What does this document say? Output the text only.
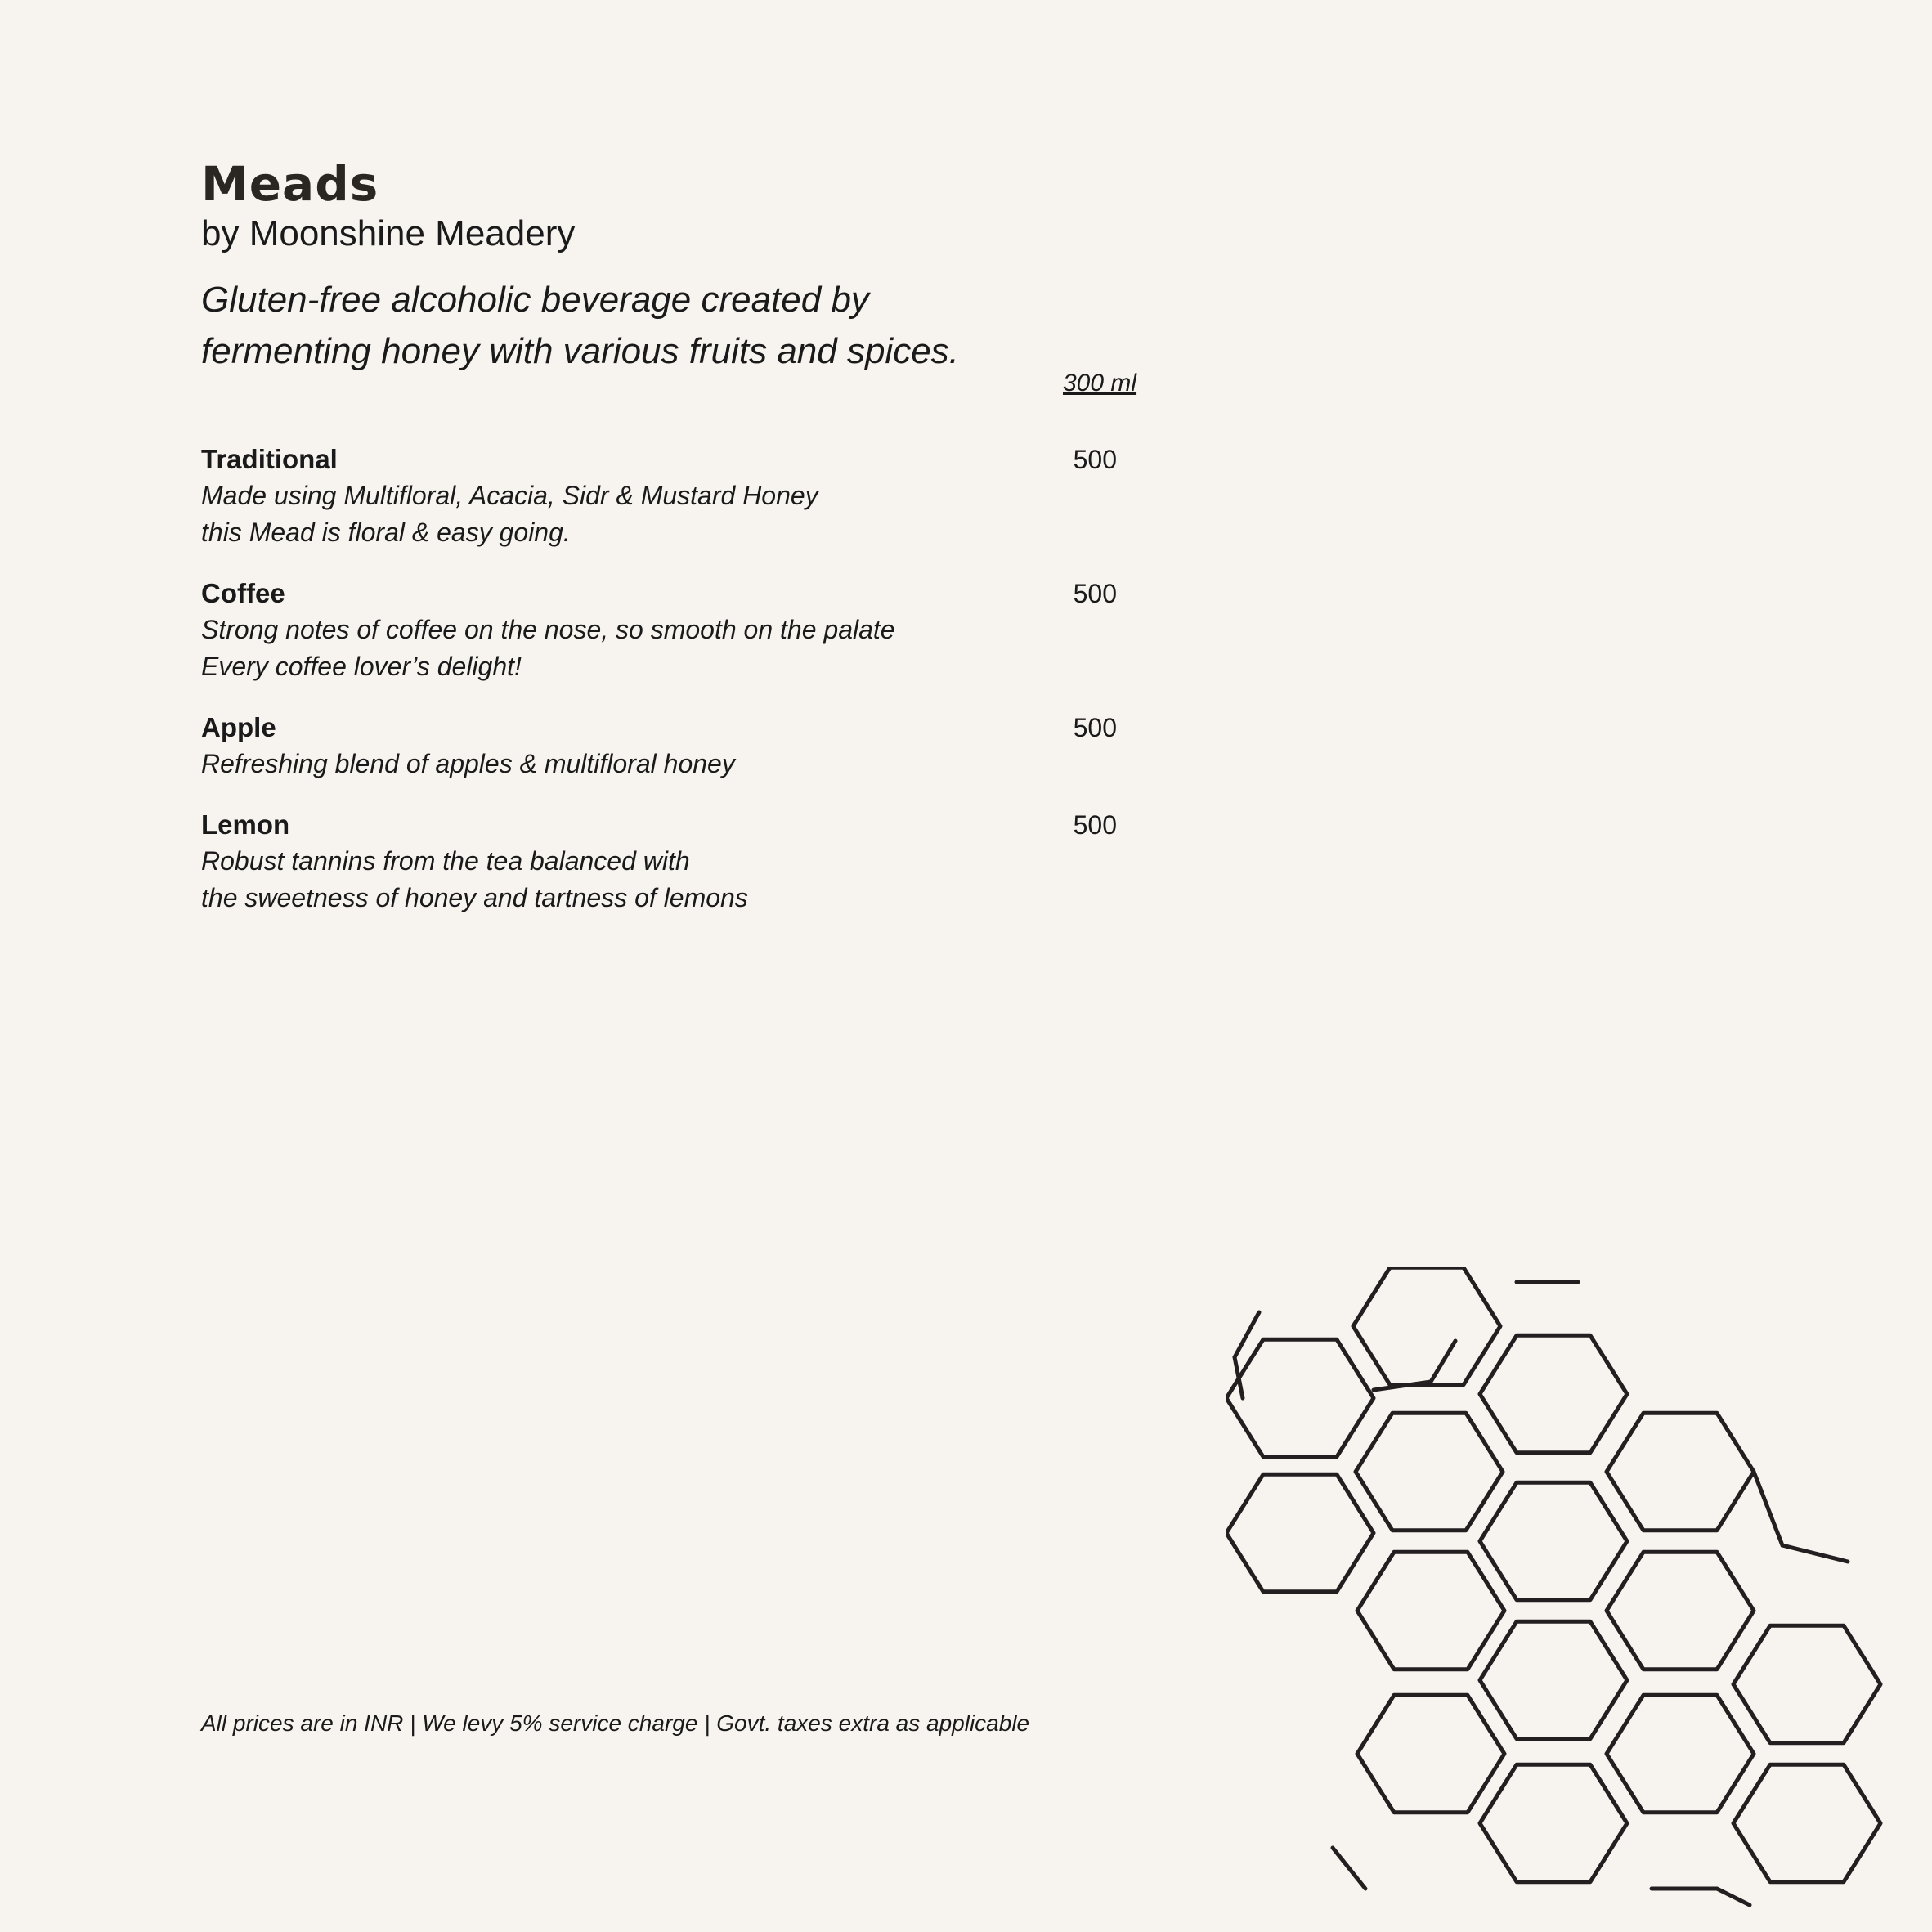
Meads
by Moonshine Meadery
Gluten-free alcoholic beverage created by fermenting honey with various fruits and spices.
300 ml
Traditional	500
Made using Multifloral, Acacia, Sidr & Mustard Honey
this Mead is floral & easy going.
Coffee	500
Strong notes of coffee on the nose, so smooth on the palate
Every coffee lover’s delight!
Apple	500
Refreshing blend of apples & multifloral honey
Lemon	500
Robust tannins from the tea balanced with
the sweetness of honey and tartness of lemons
All prices are in INR | We levy 5% service charge | Govt. taxes extra as applicable
